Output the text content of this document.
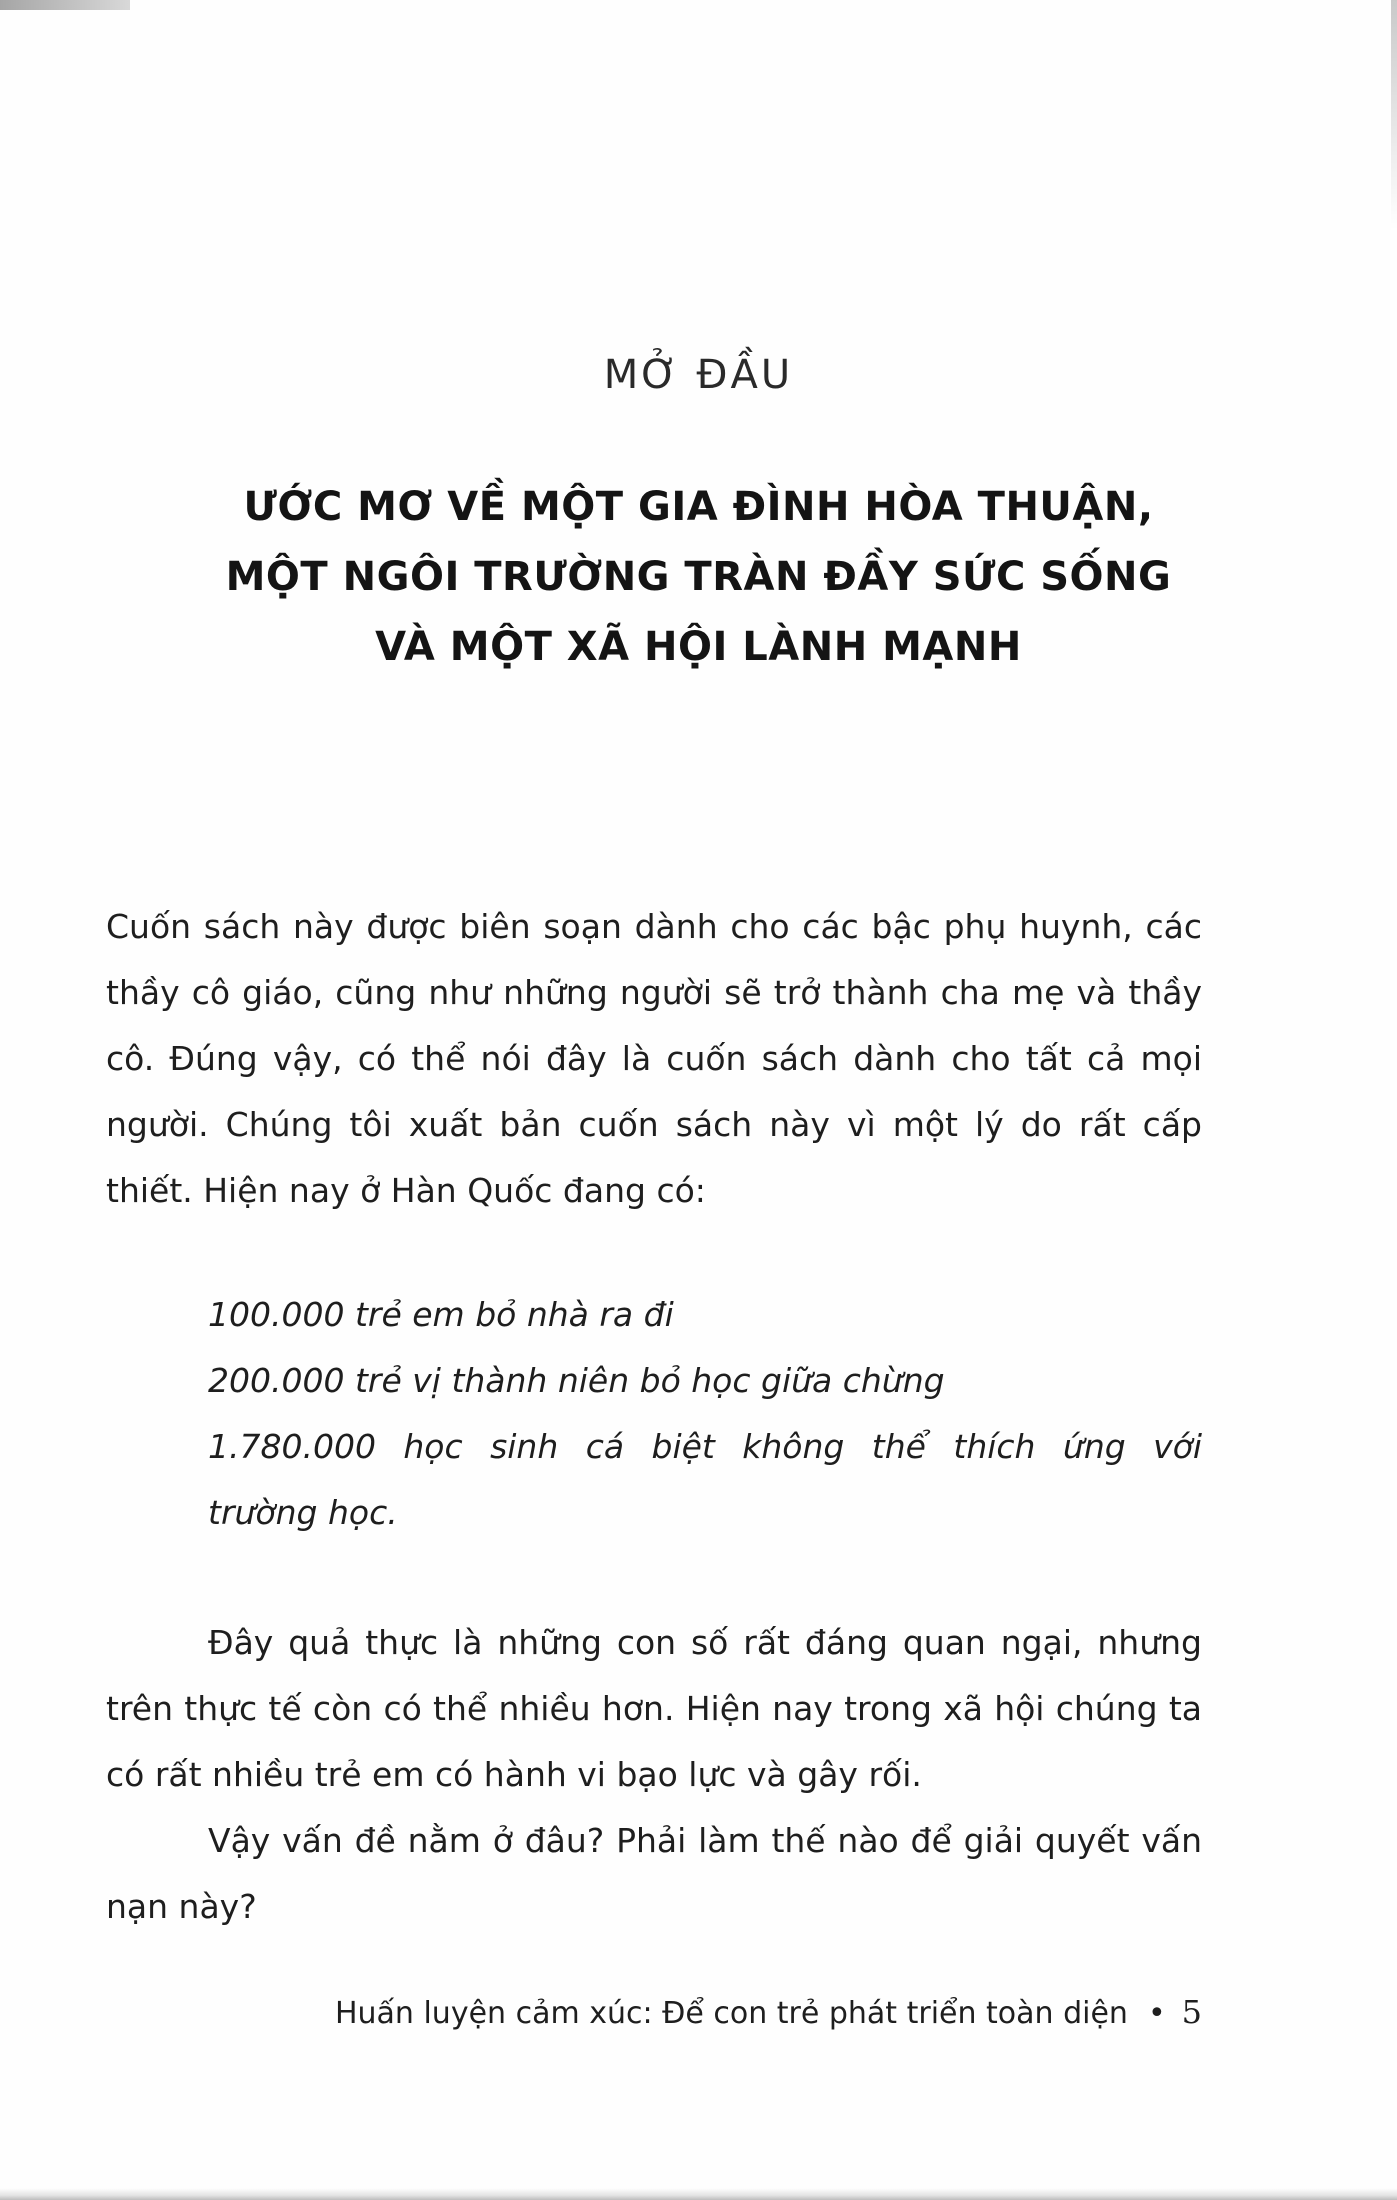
MỞ ĐẦU
ƯỚC MƠ VỀ MỘT GIA ĐÌNH HÒA THUẬN,
MỘT NGÔI TRƯỜNG TRÀN ĐẦY SỨC SỐNG
VÀ MỘT XÃ HỘI LÀNH MẠNH

Cuốn sách này được biên soạn dành cho các bậc phụ huynh, các thầy cô giáo, cũng như những người sẽ trở thành cha mẹ và thầy cô. Đúng vậy, có thể nói đây là cuốn sách dành cho tất cả mọi người. Chúng tôi xuất bản cuốn sách này vì một lý do rất cấp thiết. Hiện nay ở Hàn Quốc đang có:

100.000 trẻ em bỏ nhà ra đi
200.000 trẻ vị thành niên bỏ học giữa chừng
1.780.000 học sinh cá biệt không thể thích ứng với
trường học.

Đây quả thực là những con số rất đáng quan ngại, nhưng trên thực tế còn có thể nhiều hơn. Hiện nay trong xã hội chúng ta có rất nhiều trẻ em có hành vi bạo lực và gây rối.

Vậy vấn đề nằm ở đâu? Phải làm thế nào để giải quyết vấn nạn này?

Huấn luyện cảm xúc: Để con trẻ phát triển toàn diện • 5
